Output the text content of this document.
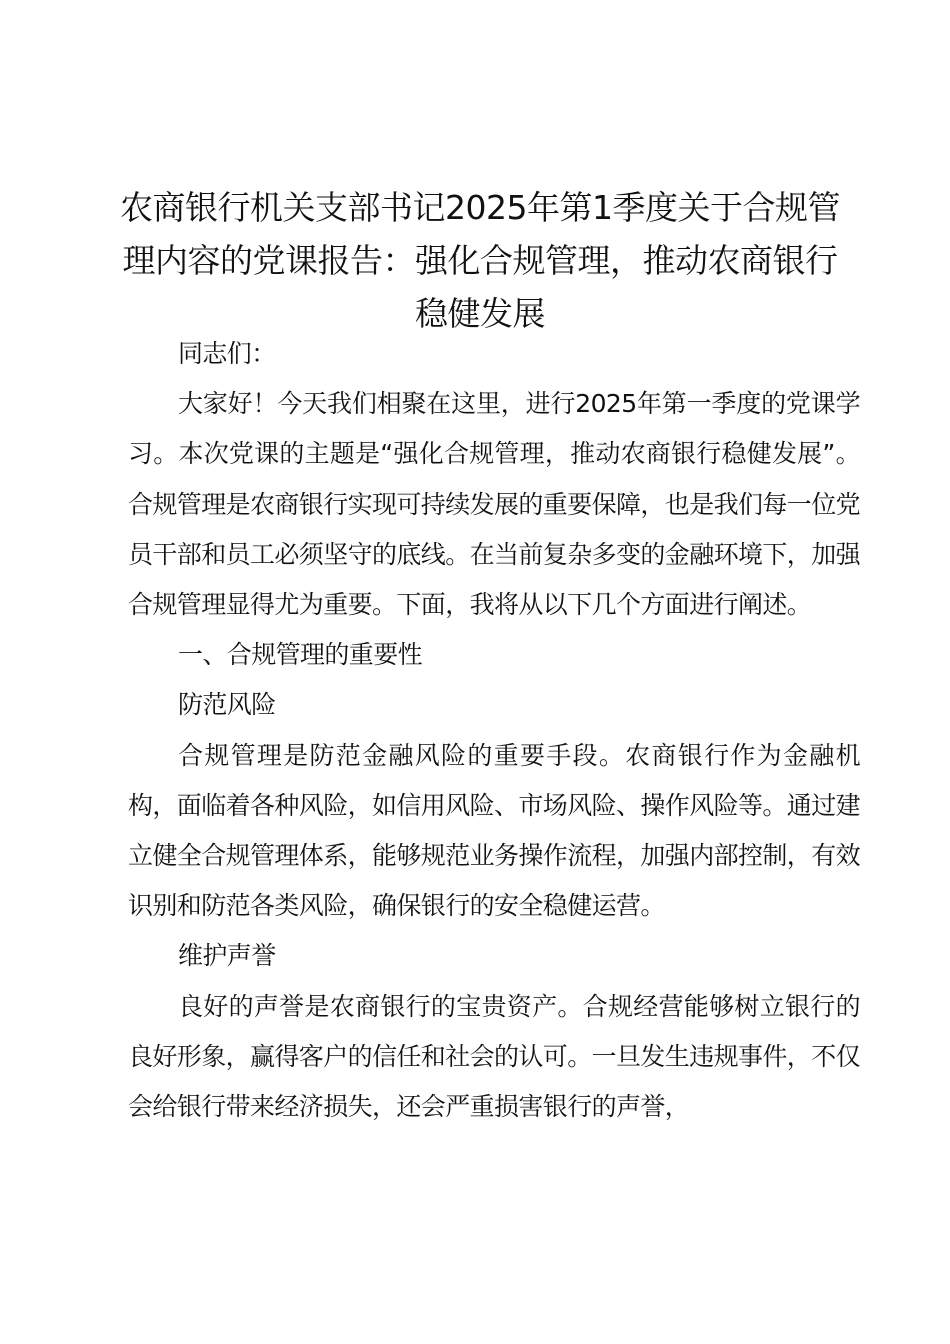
农商银行机关支部书记2025年第1季度关于合规管理内容的党课报告：强化合规管理，推动农商银行稳健发展

同志们：

大家好！今天我们相聚在这里，进行2025年第一季度的党课学习。本次党课的主题是“强化合规管理，推动农商银行稳健发展”。合规管理是农商银行实现可持续发展的重要保障，也是我们每一位党员干部和员工必须坚守的底线。在当前复杂多变的金融环境下，加强合规管理显得尤为重要。下面，我将从以下几个方面进行阐述。

一、合规管理的重要性

防范风险

合规管理是防范金融风险的重要手段。农商银行作为金融机构，面临着各种风险，如信用风险、市场风险、操作风险等。通过建立健全合规管理体系，能够规范业务操作流程，加强内部控制，有效识别和防范各类风险，确保银行的安全稳健运营。

维护声誉

良好的声誉是农商银行的宝贵资产。合规经营能够树立银行的良好形象，赢得客户的信任和社会的认可。一旦发生违规事件，不仅会给银行带来经济损失，还会严重损害银行的声誉，
